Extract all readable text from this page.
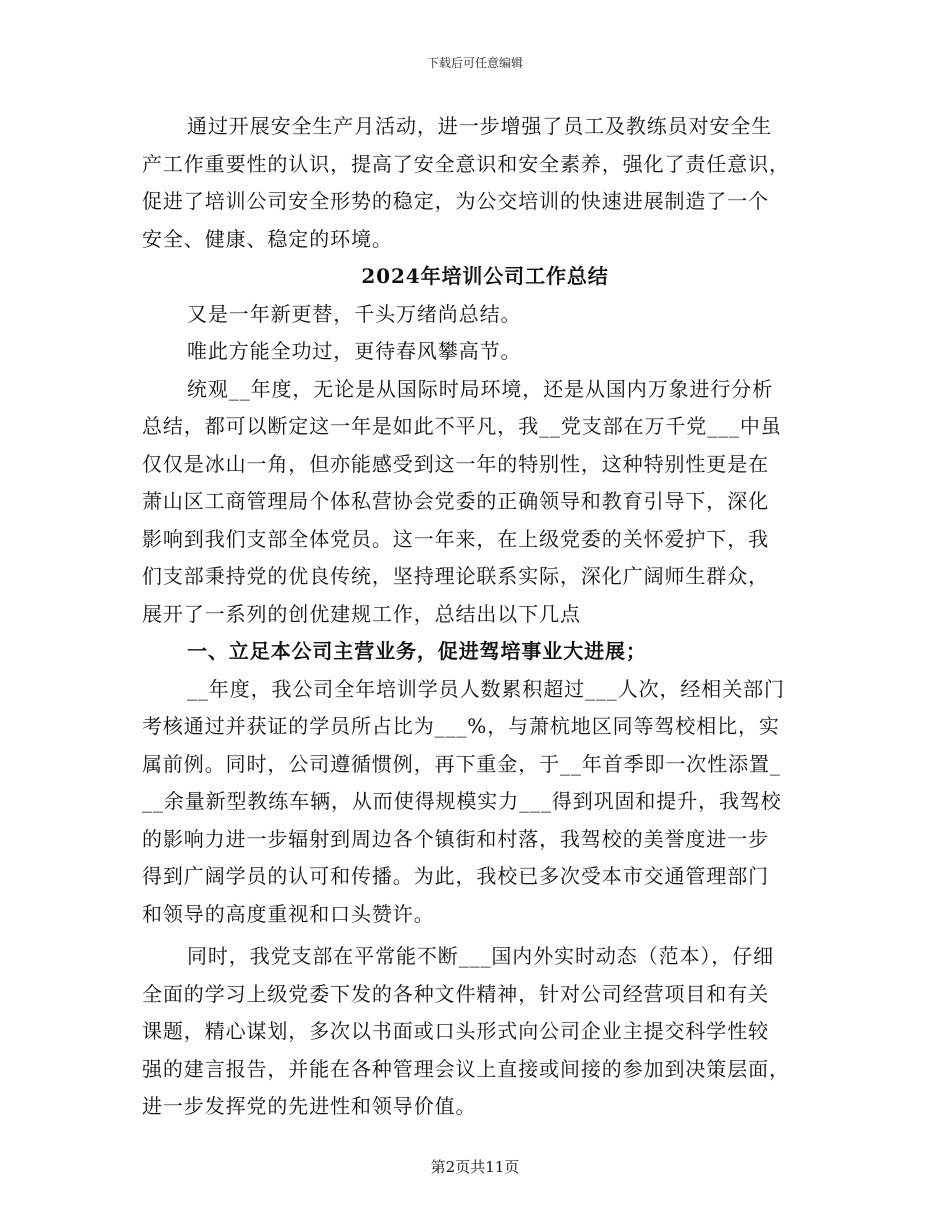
下载后可任意编辑
通过开展安全生产月活动，进一步增强了员工及教练员对安全生
产工作重要性的认识，提高了安全意识和安全素养，强化了责任意识，
促进了培训公司安全形势的稳定，为公交培训的快速进展制造了一个
安全、健康、稳定的环境。
2024年培训公司工作总结
又是一年新更替，千头万绪尚总结。
唯此方能全功过，更待春风攀高节。
统观__年度，无论是从国际时局环境，还是从国内万象进行分析
总结，都可以断定这一年是如此不平凡，我__党支部在万千党___中虽
仅仅是冰山一角，但亦能感受到这一年的特别性，这种特别性更是在
萧山区工商管理局个体私营协会党委的正确领导和教育引导下，深化
影响到我们支部全体党员。这一年来，在上级党委的关怀爱护下，我
们支部秉持党的优良传统，坚持理论联系实际，深化广阔师生群众，
展开了一系列的创优建规工作，总结出以下几点
一、立足本公司主营业务，促进驾培事业大进展；
__年度，我公司全年培训学员人数累积超过___人次，经相关部门
考核通过并获证的学员所占比为___%，与萧杭地区同等驾校相比，实
属前例。同时，公司遵循惯例，再下重金，于__年首季即一次性添置_
__余量新型教练车辆，从而使得规模实力___得到巩固和提升，我驾校
的影响力进一步辐射到周边各个镇街和村落，我驾校的美誉度进一步
得到广阔学员的认可和传播。为此，我校已多次受本市交通管理部门
和领导的高度重视和口头赞许。
同时，我党支部在平常能不断___国内外实时动态（范本），仔细
全面的学习上级党委下发的各种文件精神，针对公司经营项目和有关
课题，精心谋划，多次以书面或口头形式向公司企业主提交科学性较
强的建言报告，并能在各种管理会议上直接或间接的参加到决策层面，
进一步发挥党的先进性和领导价值。
第2页共11页
